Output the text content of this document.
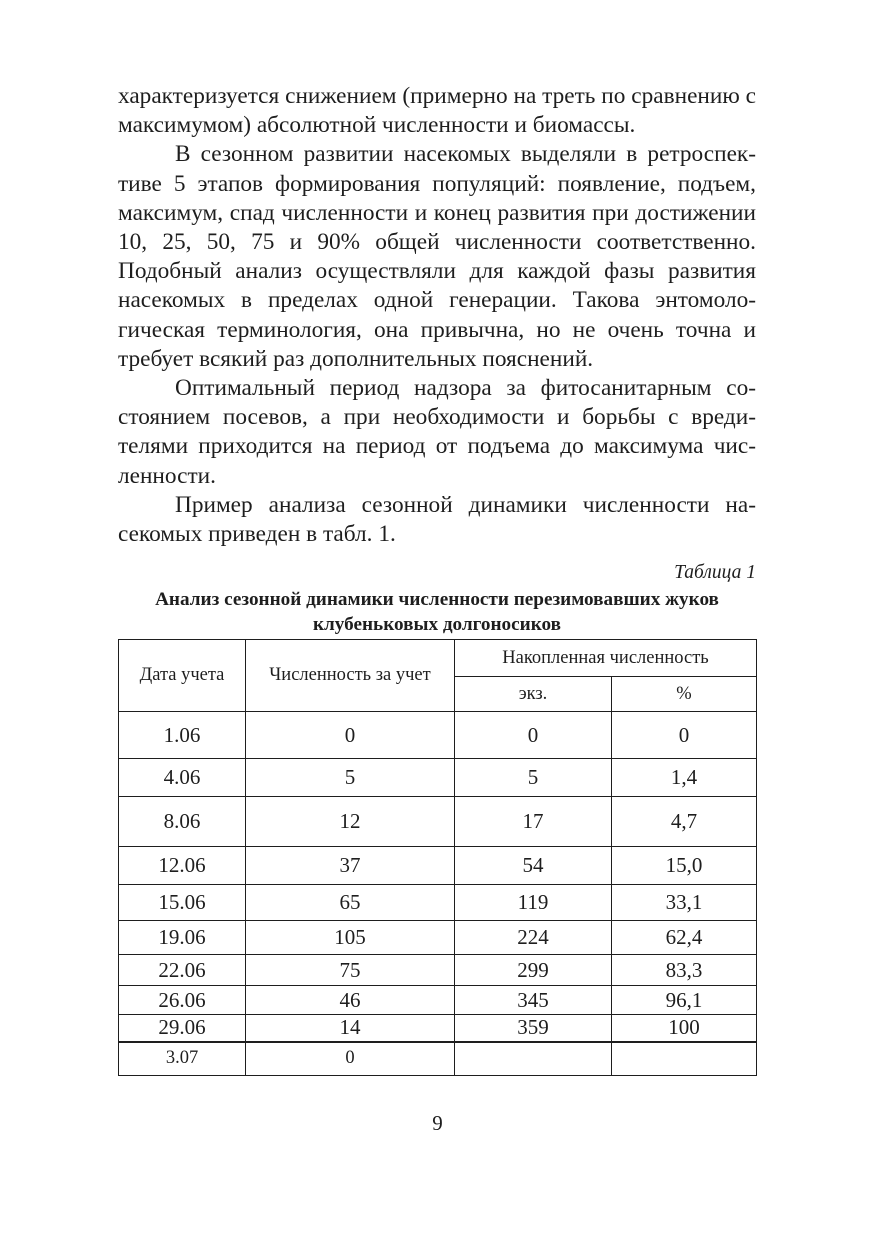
характеризуется снижением (примерно на треть по сравнению с максимумом) абсолютной численности и биомассы.

В сезонном развитии насекомых выделяли в ретроспективе 5 этапов формирования популяций: появление, подъем, максимум, спад численности и конец развития при достижении 10, 25, 50, 75 и 90% общей численности соответственно. Подобный анализ осуществляли для каждой фазы развития насекомых в пределах одной генерации. Такова энтомологическая терминология, она привычна, но не очень точна и требует всякий раз дополнительных пояснений.

Оптимальный период надзора за фитосанитарным состоянием посевов, а при необходимости и борьбы с вредителями приходится на период от подъема до максимума численности.

Пример анализа сезонной динамики численности насекомых приведен в табл. 1.

Таблица 1
Анализ сезонной динамики численности перезимовавших жуков
клубеньковых долгоносиков
Дата учета	Численность за учет	Накопленная численность	
		экз.	%
1.06	0	0	0
4.06	5	5	1,4
8.06	12	17	4,7
12.06	37	54	15,0
15.06	65	119	33,1
19.06	105	224	62,4
22.06	75	299	83,3
26.06	46	345	96,1
29.06	14	359	100
3.07	0		
9
